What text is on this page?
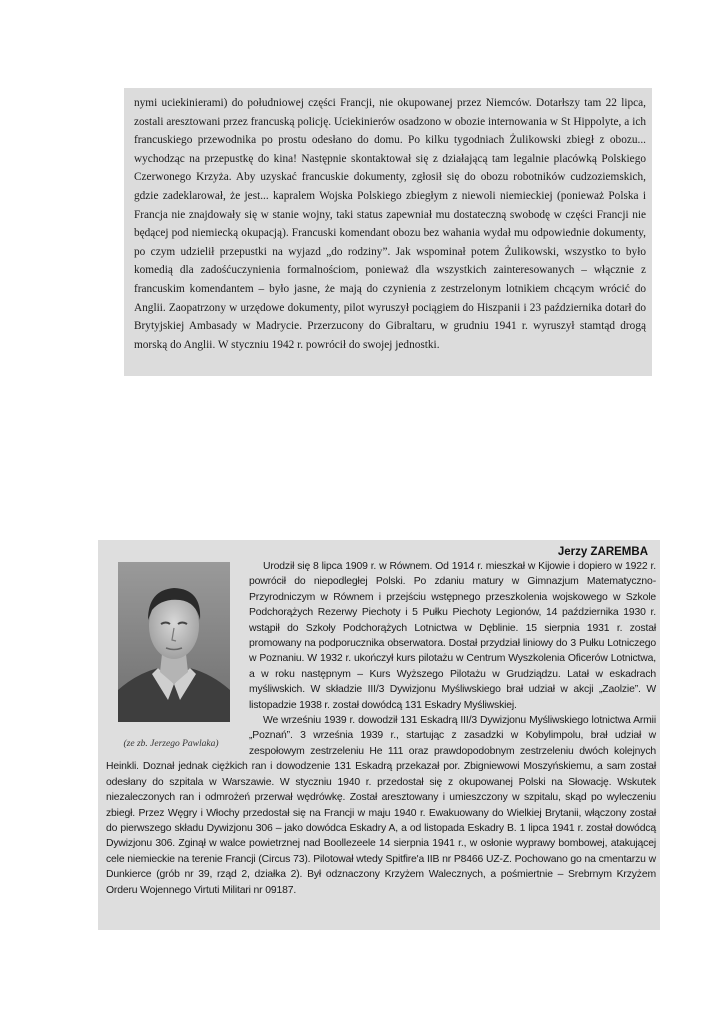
nymi uciekinierami) do południowej części Francji, nie okupowanej przez Niemców. Dotarłszy tam 22 lipca, zostali aresztowani przez francuską policję. Uciekinierów osadzono w obozie internowania w St Hippolyte, a ich francuskiego przewodnika po prostu odesłano do domu. Po kilku tygodniach Żulikowski zbiegł z obozu... wychodząc na przepustkę do kina! Następnie skontaktował się z działającą tam legalnie placówką Polskiego Czerwonego Krzyża. Aby uzyskać francuskie dokumenty, zgłosił się do obozu robotników cudzoziemskich, gdzie zadeklarował, że jest... kapralem Wojska Polskiego zbiegłym z niewoli niemieckiej (ponieważ Polska i Francja nie znajdowały się w stanie wojny, taki status zapewniał mu dostateczną swobodę w części Francji nie będącej pod niemiecką okupacją). Francuski komendant obozu bez wahania wydał mu odpowiednie dokumenty, po czym udzielił przepustki na wyjazd „do rodziny”. Jak wspominał potem Żulikowski, wszystko to było komedią dla zadośćuczynienia formalnościom, ponieważ dla wszystkich zainteresowanych – włącznie z francuskim komendantem – było jasne, że mają do czynienia z zestrzelonym lotnikiem chcącym wrócić do Anglii. Zaopatrzony w urzędowe dokumenty, pilot wyruszył pociągiem do Hiszpanii i 23 października dotarł do Brytyjskiej Ambasady w Madrycie. Przerzucony do Gibraltaru, w grudniu 1941 r. wyruszył stamtąd drogą morską do Anglii. W styczniu 1942 r. powrócił do swojej jednostki.

Jerzy ZAREMBA
(ze zb. Jerzego Pawlaka)

Urodził się 8 lipca 1909 r. w Równem. Od 1914 r. mieszkał w Kijowie i dopiero w 1922 r. powrócił do niepodległej Polski. Po zdaniu matury w Gimnazjum Matematyczno-Przyrodniczym w Równem i przejściu wstępnego przeszkolenia wojskowego w Szkole Podchorążych Rezerwy Piechoty i 5 Pułku Piechoty Legionów, 14 października 1930 r. wstąpił do Szkoły Podchorążych Lotnictwa w Dęblinie. 15 sierpnia 1931 r. został promowany na podporucznika obserwatora. Dostał przydział liniowy do 3 Pułku Lotniczego w Poznaniu. W 1932 r. ukończył kurs pilotażu w Centrum Wyszkolenia Oficerów Lotnictwa, a w roku następnym – Kurs Wyższego Pilotażu w Grudziądzu. Latał w eskadrach myśliwskich. W składzie III/3 Dywizjonu Myśliwskiego brał udział w akcji „Zaolzie”. W listopadzie 1938 r. został dowódcą 131 Eskadry Myśliwskiej.

We wrześniu 1939 r. dowodził 131 Eskadrą III/3 Dywizjonu Myśliwskiego lotnictwa Armii „Poznań”. 3 września 1939 r., startując z zasadzki w Kobylimpolu, brał udział w zespołowym zestrzeleniu He 111 oraz prawdopodobnym zestrzeleniu dwóch kolejnych Heinkli. Doznał jednak ciężkich ran i dowodzenie 131 Eskadrą przekazał por. Zbigniewowi Moszyńskiemu, a sam został odesłany do szpitala w Warszawie. W styczniu 1940 r. przedostał się z okupowanej Polski na Słowację. Wskutek niezaleczonych ran i odmrożeń przerwał wędrówkę. Został aresztowany i umieszczony w szpitalu, skąd po wyleczeniu zbiegł. Przez Węgry i Włochy przedostał się na Francji w maju 1940 r. Ewakuowany do Wielkiej Brytanii, włączony został do pierwszego składu Dywizjonu 306 – jako dowódca Eskadry A, a od listopada Eskadry B. 1 lipca 1941 r. został dowódcą Dywizjonu 306. Zginął w walce powietrznej nad Boollezeele 14 sierpnia 1941 r., w osłonie wyprawy bombowej, atakującej cele niemieckie na terenie Francji (Circus 73). Pilotował wtedy Spitfire'a IIB nr P8466 UZ-Z. Pochowano go na cmentarzu w Dunkierce (grób nr 39, rząd 2, działka 2). Był odznaczony Krzyżem Walecznych, a pośmiertnie – Srebrnym Krzyżem Orderu Wojennego Virtuti Militari nr 09187.
